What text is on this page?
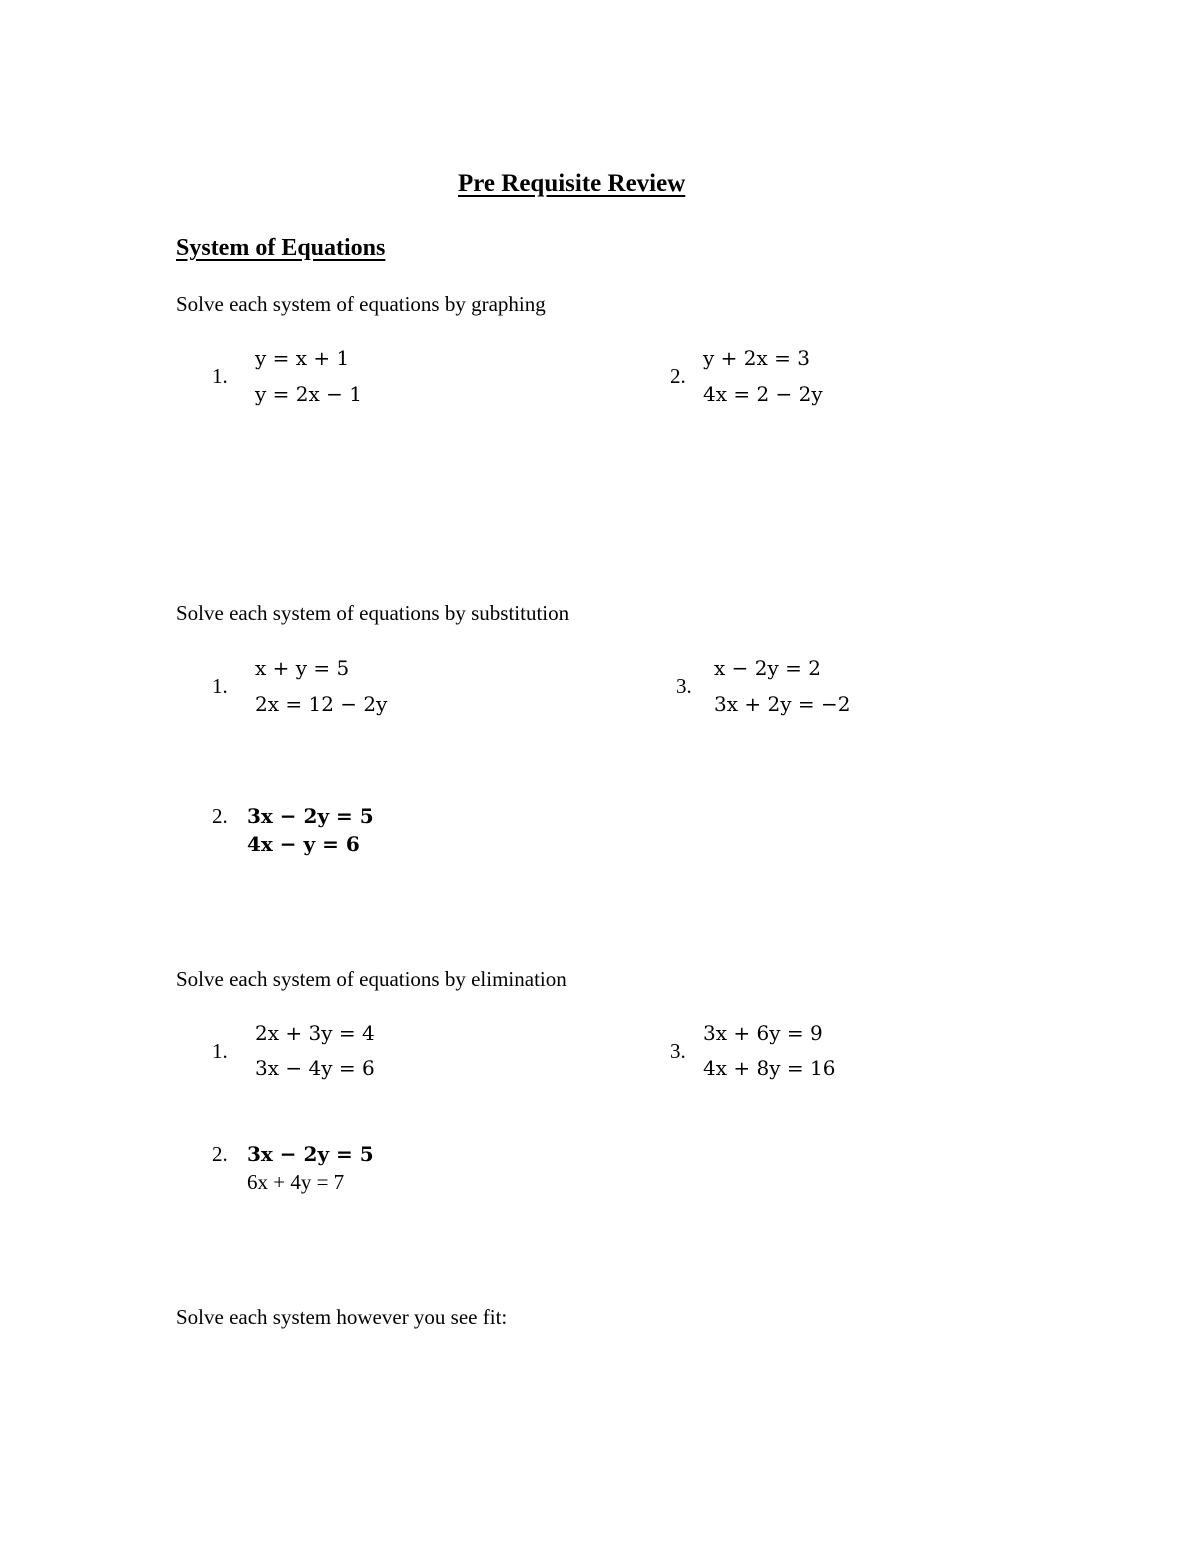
Pre Requisite Review
System of Equations
Solve each system of equations by graphing
1.
y = x + 1
y = 2x − 1
2.
y + 2x = 3
4x = 2 − 2y
Solve each system of equations by substitution
1.
x + y = 5
2x = 12 − 2y
3.
x − 2y = 2
3x + 2y = −2
2. 3x − 2y = 5
4x − y = 6
Solve each system of equations by elimination
1.
2x + 3y = 4
3x − 4y = 6
3.
3x + 6y = 9
4x + 8y = 16
2. 3x − 2y = 5
6x + 4y = 7
Solve each system however you see fit:
